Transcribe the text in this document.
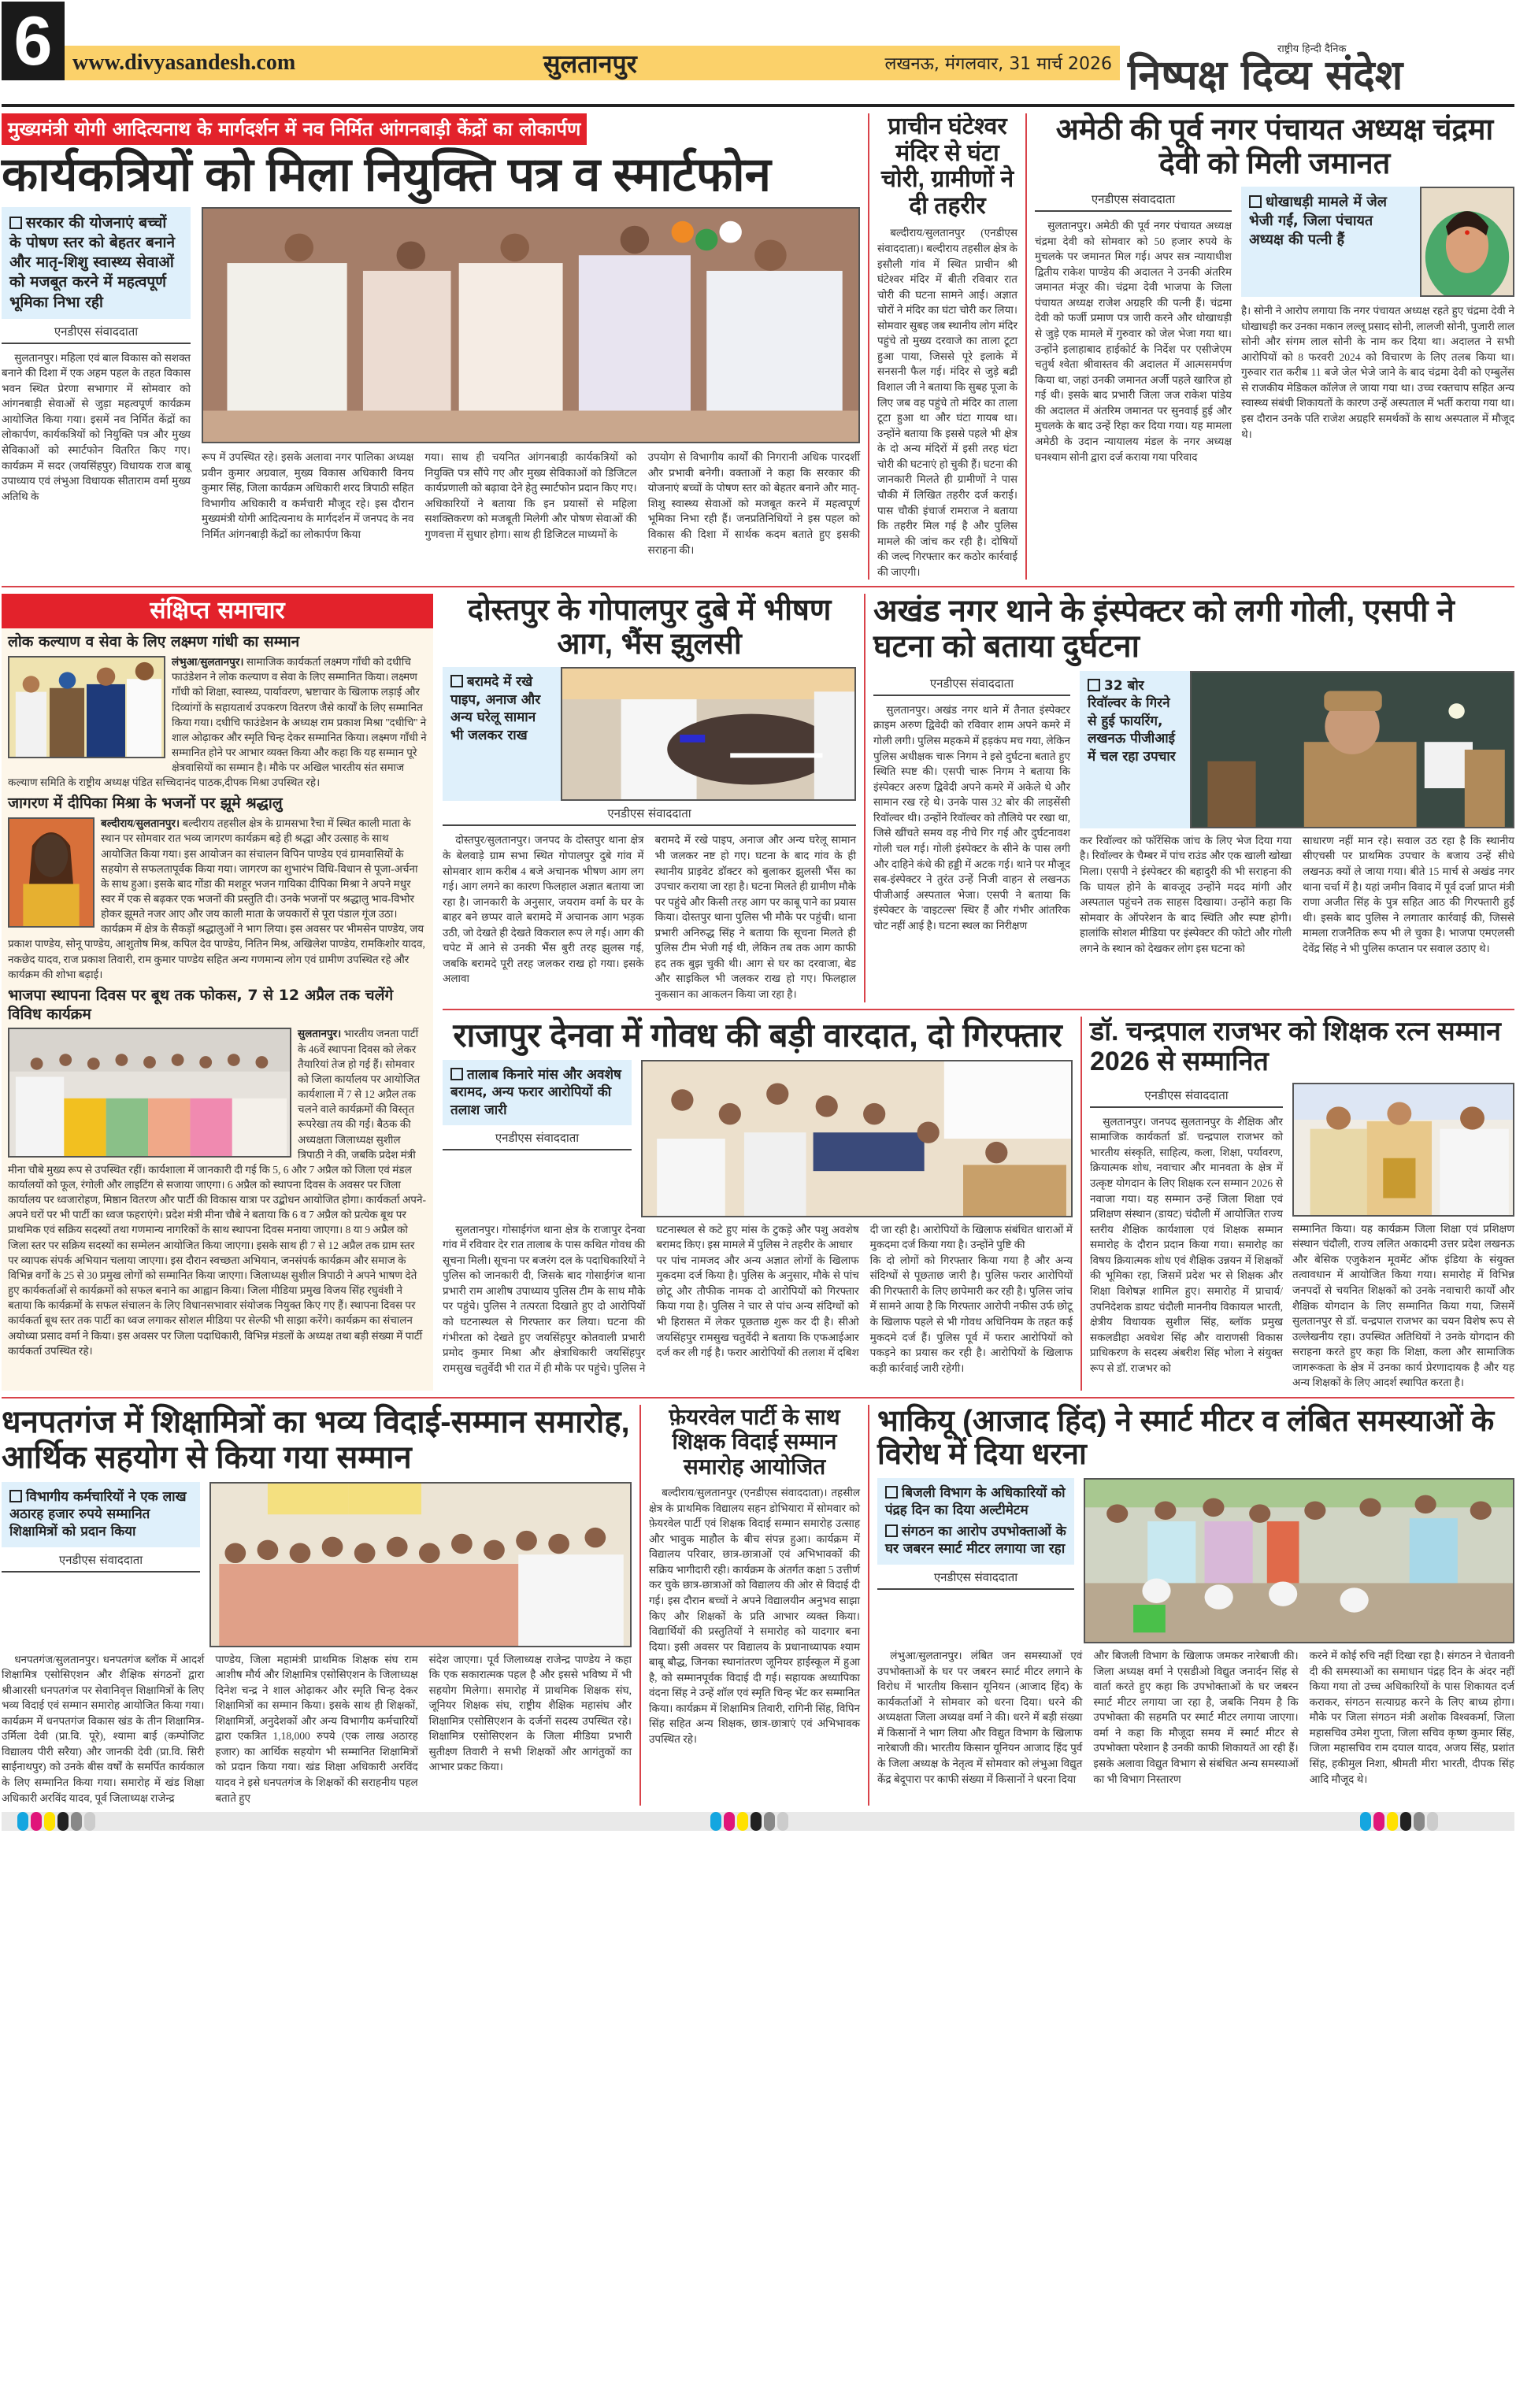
6 www.divyasandesh.com	सुलतानपुर	लखनऊ, मंगलवार, 31 मार्च 2026
राष्ट्रीय हिन्दी दैनिक
निष्पक्ष दिव्य संदेश
मुख्यमंत्री योगी आदित्यनाथ के मार्गदर्शन में नव निर्मित आंगनबाड़ी केंद्रों का लोकार्पण
कार्यकत्रियों को मिला नियुक्ति पत्र व स्मार्टफोन
सरकार की योजनाएं बच्चों के पोषण स्तर को बेहतर बनाने और मातृ-शिशु स्वास्थ्य सेवाओं को मजबूत करने में महत्वपूर्ण भूमिका निभा रही
एनडीएस संवाददाता

सुलतानपुर। महिला एवं बाल विकास को सशक्त बनाने की दिशा में एक अहम पहल के तहत विकास भवन स्थित प्रेरणा सभागार में सोमवार को आंगनबाड़ी सेवाओं से जुड़ा महत्वपूर्ण कार्यक्रम आयोजित किया गया। इसमें नव निर्मित केंद्रों का लोकार्पण, कार्यकत्रियों को नियुक्ति पत्र और मुख्य सेविकाओं को स्मार्टफोन वितरित किए गए। कार्यक्रम में सदर (जयसिंहपुर) विधायक राज बाबू उपाध्याय एवं लंभुआ विधायक सीताराम वर्मा मुख्य अतिथि के

रूप में उपस्थित रहे। इसके अलावा नगर पालिका अध्यक्ष प्रवीन कुमार अग्रवाल, मुख्य विकास अधिकारी विनय कुमार सिंह, जिला कार्यक्रम अधिकारी शरद त्रिपाठी सहित विभागीय अधिकारी व कर्मचारी मौजूद रहे। इस दौरान मुख्यमंत्री योगी आदित्यनाथ के मार्गदर्शन में जनपद के नव निर्मित आंगनबाड़ी केंद्रों का लोकार्पण किया

गया। साथ ही चयनित आंगनबाड़ी कार्यकत्रियों को नियुक्ति पत्र सौंपे गए और मुख्य सेविकाओं को डिजिटल कार्यप्रणाली को बढ़ावा देने हेतु स्मार्टफोन प्रदान किए गए। अधिकारियों ने बताया कि इन प्रयासों से महिला सशक्तिकरण को मजबूती मिलेगी और पोषण सेवाओं की गुणवत्ता में सुधार होगा। साथ ही डिजिटल माध्यमों के

उपयोग से विभागीय कार्यों की निगरानी अधिक पारदर्शी और प्रभावी बनेगी। वक्ताओं ने कहा कि सरकार की योजनाएं बच्चों के पोषण स्तर को बेहतर बनाने और मातृ-शिशु स्वास्थ्य सेवाओं को मजबूत करने में महत्वपूर्ण भूमिका निभा रही हैं। जनप्रतिनिधियों ने इस पहल को विकास की दिशा में सार्थक कदम बताते हुए इसकी सराहना की।

प्राचीन घंटेश्वर मंदिर से घंटा चोरी, ग्रामीणों ने दी तहरीर

बल्दीराय/सुलतानपुर (एनडीएस संवाददाता)। बल्दीराय तहसील क्षेत्र के इसौली गांव में स्थित प्राचीन श्री घंटेश्वर मंदिर में बीती रविवार रात चोरी की घटना सामने आई। अज्ञात चोरों ने मंदिर का घंटा चोरी कर लिया। सोमवार सुबह जब स्थानीय लोग मंदिर पहुंचे तो मुख्य दरवाजे का ताला टूटा हुआ पाया, जिससे पूरे इलाके में सनसनी फैल गई। मंदिर से जुड़े बद्री विशाल जी ने बताया कि सुबह पूजा के लिए जब वह पहुंचे तो मंदिर का ताला टूटा हुआ था और घंटा गायब था। उन्होंने बताया कि इससे पहले भी क्षेत्र के दो अन्य मंदिरों में इसी तरह घंटा चोरी की घटनाएं हो चुकी हैं। घटना की जानकारी मिलते ही ग्रामीणों ने पास चौकी में लिखित तहरीर दर्ज कराई। पास चौकी इंचार्ज रामराज ने बताया कि तहरीर मिल गई है और पुलिस मामले की जांच कर रही है। दोषियों की जल्द गिरफ्तार कर कठोर कार्रवाई की जाएगी।

अमेठी की पूर्व नगर पंचायत अध्यक्ष चंद्रमा देवी को मिली जमानत
एनडीएस संवाददाता

सुलतानपुर। अमेठी की पूर्व नगर पंचायत अध्यक्ष चंद्रमा देवी को सोमवार को 50 हजार रुपये के मुचलके पर जमानत मिल गई। अपर सत्र न्यायाधीश द्वितीय राकेश पाण्डेय की अदालत ने उनकी अंतरिम जमानत मंजूर की। चंद्रमा देवी भाजपा के जिला पंचायत अध्यक्ष राजेश अग्रहरि की पत्नी हैं। चंद्रमा देवी को फर्जी प्रमाण पत्र जारी करने और धोखाधड़ी से जुड़े एक मामले में गुरुवार को जेल भेजा गया था। उन्होंने इलाहाबाद हाईकोर्ट के निर्देश पर एसीजेएम चतुर्थ श्वेता श्रीवास्तव की अदालत में आत्मसमर्पण किया था, जहां उनकी जमानत अर्जी पहले खारिज हो गई थी। इसके बाद प्रभारी जिला जज राकेश पांडेय की अदालत में अंतरिम जमानत पर सुनवाई हुई और मुचलके के बाद उन्हें रिहा कर दिया गया। यह मामला अमेठी के उदान न्यायालय मंडल के नगर अध्यक्ष घनश्याम सोनी द्वारा दर्ज कराया गया परिवाद

धोखाधड़ी मामले में जेल भेजी गईं, जिला पंचायत अध्यक्ष की पत्नी हैं

है। सोनी ने आरोप लगाया कि नगर पंचायत अध्यक्ष रहते हुए चंद्रमा देवी ने धोखाधड़ी कर उनका मकान लल्लू प्रसाद सोनी, लालजी सोनी, पुजारी लाल सोनी और संगम लाल सोनी के नाम कर दिया था। अदालत ने सभी आरोपियों को 8 फरवरी 2024 को विचारण के लिए तलब किया था। गुरुवार रात करीब 11 बजे जेल भेजे जाने के बाद चंद्रमा देवी को एम्बुलेंस से राजकीय मेडिकल कॉलेज ले जाया गया था। उच्च रक्तचाप सहित अन्य स्वास्थ्य संबंधी शिकायतों के कारण उन्हें अस्पताल में भर्ती कराया गया था। इस दौरान उनके पति राजेश अग्रहरि समर्थकों के साथ अस्पताल में मौजूद थे।

संक्षिप्त समाचार
लोक कल्याण व सेवा के लिए लक्ष्मण गांधी का सम्मान
लंभुआ/सुलतानपुर। सामाजिक कार्यकर्ता लक्ष्मण गाँधी को दधीचि फाउंडेशन ने लोक कल्याण व सेवा के लिए सम्मानित किया। लक्ष्मण गाँधी को शिक्षा, स्वास्थ्य, पार्यावरण, भ्रष्टाचार के खिलाफ लड़ाई और दिव्यांगों के सहायतार्थ उपकरण वितरण जैसे कार्यों के लिए सम्मानित किया गया। दधीचि फाउंडेशन के अध्यक्ष राम प्रकाश मिश्रा ''दधीचि'' ने शाल ओढ़ाकर और स्मृति चिन्ह देकर सम्मानित किया। लक्ष्मण गाँधी ने सम्मानित होने पर आभार व्यक्त किया और कहा कि यह सम्मान पूरे क्षेत्रवासियों का सम्मान है। मौके पर अखिल भारतीय संत समाज कल्याण समिति के राष्ट्रीय अध्यक्ष पंडित सच्चिदानंद पाठक,दीपक मिश्रा उपस्थित रहे।
जागरण में दीपिका मिश्रा के भजनों पर झूमे श्रद्धालु
बल्दीराय/सुलतानपुर। बल्दीराय तहसील क्षेत्र के ग्रामसभा रैचा में स्थित काली माता के स्थान पर सोमवार रात भव्य जागरण कार्यक्रम बड़े ही श्रद्धा और उत्साह के साथ आयोजित किया गया। इस आयोजन का संचालन विपिन पाण्डेय एवं ग्रामवासियों के सहयोग से सफलतापूर्वक किया गया। जागरण का शुभारंभ विधि-विधान से पूजा-अर्चना के साथ हुआ। इसके बाद गोंडा की मशहूर भजन गायिका दीपिका मिश्रा ने अपने मधुर स्वर में एक से बढ़कर एक भजनों की प्रस्तुति दी। उनके भजनों पर श्रद्धालु भाव-विभोर होकर झूमते नजर आए और जय काली माता के जयकारों से पूरा पंडाल गूंज उठा। कार्यक्रम में क्षेत्र के सैकड़ों श्रद्धालुओं ने भाग लिया। इस अवसर पर भीमसेन पाण्डेय, जय प्रकाश पाण्डेय, सोनू पाण्डेय, आशुतोष मिश्र, कपिल देव पाण्डेय, नितिन मिश्र, अखिलेश पाण्डेय, रामकिशोर यादव, नकछेद यादव, राज प्रकाश तिवारी, राम कुमार पाण्डेय सहित अन्य गणमान्य लोग एवं ग्रामीण उपस्थित रहे और कार्यक्रम की शोभा बढ़ाई।
भाजपा स्थापना दिवस पर बूथ तक फोकस, 7 से 12 अप्रैल तक चलेंगे विविध कार्यक्रम
सुलतानपुर। भारतीय जनता पार्टी के 46वें स्थापना दिवस को लेकर तैयारियां तेज हो गई हैं। सोमवार को जिला कार्यालय पर आयोजित कार्यशाला में 7 से 12 अप्रैल तक चलने वाले कार्यक्रमों की विस्तृत रूपरेखा तय की गई। बैठक की अध्यक्षता जिलाध्यक्ष सुशील त्रिपाठी ने की, जबकि प्रदेश मंत्री मीना चौबे मुख्य रूप से उपस्थित रहीं। कार्यशाला में जानकारी दी गई कि 5, 6 और 7 अप्रैल को जिला एवं मंडल कार्यालयों को फूल, रंगोली और लाइटिंग से सजाया जाएगा। 6 अप्रैल को स्थापना दिवस के अवसर पर जिला कार्यालय पर ध्वजारोहण, मिष्ठान वितरण और पार्टी की विकास यात्रा पर उद्बोधन आयोजित होगा। कार्यकर्ता अपने-अपने घरों पर भी पार्टी का ध्वज फहराएंगे। प्रदेश मंत्री मीना चौबे ने बताया कि 6 व 7 अप्रैल को प्रत्येक बूथ पर प्राथमिक एवं सक्रिय सदस्यों तथा गणमान्य नागरिकों के साथ स्थापना दिवस मनाया जाएगा। 8 या 9 अप्रैल को जिला स्तर पर सक्रिय सदस्यों का सम्मेलन आयोजित किया जाएगा। इसके साथ ही 7 से 12 अप्रैल तक ग्राम स्तर पर व्यापक संपर्क अभियान चलाया जाएगा। इस दौरान स्वच्छता अभियान, जनसंपर्क कार्यक्रम और समाज के विभिन्न वर्गों के 25 से 30 प्रमुख लोगों को सम्मानित किया जाएगा। जिलाध्यक्ष सुशील त्रिपाठी ने अपने भाषण देते हुए कार्यकर्ताओं से कार्यक्रमों को सफल बनाने का आह्वान किया। जिला मीडिया प्रमुख विजय सिंह रघुवंशी ने बताया कि कार्यक्रमों के सफल संचालन के लिए विधानसभावार संयोजक नियुक्त किए गए हैं। स्थापना दिवस पर कार्यकर्ता बूथ स्तर तक पार्टी का ध्वज लगाकर सोशल मीडिया पर सेल्फी भी साझा करेंगे। कार्यक्रम का संचालन अयोध्या प्रसाद वर्मा ने किया। इस अवसर पर जिला पदाधिकारी, विभिन्न मंडलों के अध्यक्ष तथा बड़ी संख्या में पार्टी कार्यकर्ता उपस्थित रहे।
दोस्तपुर के गोपालपुर दुबे में भीषण आग, भैंस झुलसी
बरामदे में रखे पाइप, अनाज और अन्य घरेलू सामान भी जलकर राख
एनडीएस संवाददाता

दोस्तपुर/सुलतानपुर। जनपद के दोस्तपुर थाना क्षेत्र के बेलवाड़े ग्राम सभा स्थित गोपालपुर दुबे गांव में सोमवार शाम करीब 4 बजे अचानक भीषण आग लग गई। आग लगने का कारण फिलहाल अज्ञात बताया जा रहा है। जानकारी के अनुसार, जयराम वर्मा के घर के बाहर बने छप्पर वाले बरामदे में अचानक आग भड़क उठी, जो देखते ही देखते विकराल रूप ले गई। आग की चपेट में आने से उनकी भैंस बुरी तरह झुलस गई, जबकि बरामदे पूरी तरह जलकर राख हो गया। इसके अलावा

बरामदे में रखे पाइप, अनाज और अन्य घरेलू सामान भी जलकर नष्ट हो गए। घटना के बाद गांव के ही स्थानीय प्राइवेट डॉक्टर को बुलाकर झुलसी भैंस का उपचार कराया जा रहा है। घटना मिलते ही ग्रामीण मौके पर पहुंचे और किसी तरह आग पर काबू पाने का प्रयास किया। दोस्तपुर थाना पुलिस भी मौके पर पहुंची। थाना प्रभारी अनिरुद्ध सिंह ने बताया कि सूचना मिलते ही पुलिस टीम भेजी गई थी, लेकिन तब तक आग काफी हद तक बुझ चुकी थी। आग से घर का दरवाजा, बेड और साइकिल भी जलकर राख हो गए। फिलहाल नुकसान का आकलन किया जा रहा है।

अखंड नगर थाने के इंस्पेक्टर को लगी गोली, एसपी ने घटना को बताया दुर्घटना
एनडीएस संवाददाता

सुलतानपुर। अखंड नगर थाने में तैनात इंस्पेक्टर क्राइम अरुण द्विवेदी को रविवार शाम अपने कमरे में गोली लगी। पुलिस महकमे में हड़कंप मच गया, लेकिन पुलिस अधीक्षक चारू निगम ने इसे दुर्घटना बताते हुए स्थिति स्पष्ट की। एसपी चारू निगम ने बताया कि इंस्पेक्टर अरुण द्विवेदी अपने कमरे में अकेले थे और सामान रख रहे थे। उनके पास 32 बोर की लाइसेंसी रिवॉल्वर थी। उन्होंने रिवॉल्वर को तौलिये पर रखा था, जिसे खींचते समय वह नीचे गिर गई और दुर्घटनावश गोली चल गई। गोली इंस्पेक्टर के सीने के पास लगी और दाहिने कंधे की हड्डी में अटक गई। थाने पर मौजूद सब-इंस्पेक्टर ने तुरंत उन्हें निजी वाहन से लखनऊ पीजीआई अस्पताल भेजा। एसपी ने बताया कि इंस्पेक्टर के 'वाइटल्स' स्थिर हैं और गंभीर आंतरिक चोट नहीं आई है। घटना स्थल का निरीक्षण

32 बोर रिवॉल्वर के गिरने से हुई फायरिंग, लखनऊ पीजीआई में चल रहा उपचार

कर रिवॉल्वर को फॉरेंसिक जांच के लिए भेज दिया गया है। रिवॉल्वर के चैम्बर में पांच राउंड और एक खाली खोखा मिला। एसपी ने इंस्पेक्टर की बहादुरी की भी सराहना की कि घायल होने के बावजूद उन्होंने मदद मांगी और अस्पताल पहुंचने तक साहस दिखाया। उन्होंने कहा कि सोमवार के ऑपरेशन के बाद स्थिति और स्पष्ट होगी।हालांकि सोशल मीडिया पर इंस्पेक्टर की फोटो और गोली लगने के स्थान को देखकर लोग इस घटना को

साधारण नहीं मान रहे। सवाल उठ रहा है कि स्थानीय सीएचसी पर प्राथमिक उपचार के बजाय उन्हें सीधे लखनऊ क्यों ले जाया गया। बीते 15 मार्च से अखंड नगर थाना चर्चा में है। यहां जमीन विवाद में पूर्व दर्जा प्राप्त मंत्री राणा अजीत सिंह के पुत्र सहित आठ की गिरफ्तारी हुई थी। इसके बाद पुलिस ने लगातार कार्रवाई की, जिससे मामला राजनैतिक रूप भी ले चुका है। भाजपा एमएलसी देवेंद्र सिंह ने भी पुलिस कप्तान पर सवाल उठाए थे।

राजापुर देनवा में गोवध की बड़ी वारदात, दो गिरफ्तार
तालाब किनारे मांस और अवशेष बरामद, अन्य फरार आरोपियों की तलाश जारी
एनडीएस संवाददाता

सुलतानपुर। गोसाईगंज थाना क्षेत्र के राजापुर देनवा गांव में रविवार देर रात तालाब के पास कथित गोवध की सूचना मिली। सूचना पर बजरंग दल के पदाधिकारियों ने पुलिस को जानकारी दी, जिसके बाद गोसाईगंज थाना प्रभारी राम आशीष उपाध्याय पुलिस टीम के साथ मौके पर पहुंचे। पुलिस ने तत्परता दिखाते हुए दो आरोपियों को घटनास्थल से गिरफ्तार कर लिया। घटना की गंभीरता को देखते हुए जयसिंहपुर कोतवाली प्रभारी प्रमोद कुमार मिश्रा और क्षेत्राधिकारी जयसिंहपुर रामसुख चतुर्वेदी भी रात में ही मौके पर पहुंचे। पुलिस ने घटनास्थल से कटे हुए मांस के टुकड़े और पशु अवशेष बरामद किए। इस मामले में पुलिस ने तहरीर के आधार

पर पांच नामजद और अन्य अज्ञात लोगों के खिलाफ मुकदमा दर्ज किया है। पुलिस के अनुसार, मौके से पांच छोटू और तौफीक नामक दो आरोपियों को गिरफ्तार किया गया है। पुलिस ने चार से पांच अन्य संदिग्धों को भी हिरासत में लेकर पूछताछ शुरू कर दी है। सीओ जयसिंहपुर रामसुख चतुर्वेदी ने बताया कि एफआईआर दर्ज कर ली गई है। फरार आरोपियों की तलाश में दबिश दी जा रही है। आरोपियों के खिलाफ संबंधित धाराओं में मुकदमा दर्ज किया गया है। उन्होंने पुष्टि की

कि दो लोगों को गिरफ्तार किया गया है और अन्य संदिग्धों से पूछताछ जारी है। पुलिस फरार आरोपियों की गिरफ्तारी के लिए छापेमारी कर रही है। पुलिस जांच में सामने आया है कि गिरफ्तार आरोपी नफीस उर्फ छोटू के खिलाफ पहले से भी गोवध अधिनियम के तहत कई मुकदमे दर्ज हैं। पुलिस पूर्व में फरार आरोपियों को पकड़ने का प्रयास कर रही है। आरोपियों के खिलाफ कड़ी कार्रवाई जारी रहेगी।

डॉ. चन्द्रपाल राजभर को शिक्षक रत्न सम्मान 2026 से सम्मानित
एनडीएस संवाददाता

सुलतानपुर। जनपद सुलतानपुर के शैक्षिक और सामाजिक कार्यकर्ता डॉ. चन्द्रपाल राजभर को भारतीय संस्कृति, साहित्य, कला, शिक्षा, पर्यावरण, क्रियात्मक शोध, नवाचार और मानवता के क्षेत्र में उत्कृष्ट योगदान के लिए शिक्षक रत्न सम्मान 2026 से नवाजा गया। यह सम्मान उन्हें जिला शिक्षा एवं प्रशिक्षण संस्थान (डायट) चंदौली में आयोजित राज्य स्तरीय शैक्षिक कार्यशाला एवं शिक्षक सम्मान समारोह के दौरान प्रदान किया गया। समारोह का विषय क्रियात्मक शोध एवं शैक्षिक उन्नयन में शिक्षकों की भूमिका रहा, जिसमें प्रदेश भर से शिक्षक और शिक्षा विशेषज्ञ शामिल हुए। समारोह में प्राचार्य/उपनिदेशक डायट चंदौली माननीय विकायल भारती, क्षेत्रीय विधायक सुशील सिंह, ब्लॉक प्रमुख सकलडीहा अवधेश सिंह और वाराणसी विकास प्राधिकरण के सदस्य अंबरीश सिंह भोला ने संयुक्त रूप से डॉ. राजभर को

सम्मानित किया। यह कार्यक्रम जिला शिक्षा एवं प्रशिक्षण संस्थान चंदौली, राज्य ललित अकादमी उत्तर प्रदेश लखनऊ और बेसिक एजुकेशन मूवमेंट ऑफ इंडिया के संयुक्त तत्वावधान में आयोजित किया गया। समारोह में विभिन्न जनपदों से चयनित शिक्षकों को उनके नवाचारी कार्यों और शैक्षिक योगदान के लिए सम्मानित किया गया, जिसमें सुलतानपुर से डॉ. चन्द्रपाल राजभर का चयन विशेष रूप से उल्लेखनीय रहा। उपस्थित अतिथियों ने उनके योगदान की सराहना करते हुए कहा कि शिक्षा, कला और सामाजिक जागरूकता के क्षेत्र में उनका कार्य प्रेरणादायक है और यह अन्य शिक्षकों के लिए आदर्श स्थापित करता है।

धनपतगंज में शिक्षामित्रों का भव्य विदाई-सम्मान समारोह, आर्थिक सहयोग से किया गया सम्मान
विभागीय कर्मचारियों ने एक लाख अठारह हजार रुपये सम्मानित शिक्षामित्रों को प्रदान किया
एनडीएस संवाददाता

धनपतगंज/सुलतानपुर। धनपतगंज ब्लॉक में आदर्श शिक्षामित्र एसोसिएशन और शैक्षिक संगठनों द्वारा श्रीआरसी धनपतगंज पर सेवानिवृत्त शिक्षामित्रों के लिए भव्य विदाई एवं सम्मान समारोह आयोजित किया गया। कार्यक्रम में धनपतगंज विकास खंड के तीन शिक्षामित्र-उर्मिला देवी (प्रा.वि. पूरे), श्यामा बाई (कम्पोजिट विद्यालय पीरी सरैया) और जानकी देवी (प्रा.वि. सिरी साईनाथपुर) को उनके बीस वर्षों के समर्पित कार्यकाल के लिए सम्मानित किया गया। समारोह में खंड शिक्षा अधिकारी अरविंद यादव, पूर्व जिलाध्यक्ष राजेन्द्र

पाण्डेय, जिला महामंत्री प्राथमिक शिक्षक संघ राम आशीष मौर्य और शिक्षामित्र एसोसिएशन के जिलाध्यक्ष दिनेश चन्द्र ने शाल ओढ़ाकर और स्मृति चिन्ह देकर शिक्षामित्रों का सम्मान किया। इसके साथ ही शिक्षकों, शिक्षामित्रों, अनुदेशकों और अन्य विभागीय कर्मचारियों द्वारा एकत्रित 1,18,000 रुपये (एक लाख अठारह हजार) का आर्थिक सहयोग भी सम्मानित शिक्षामित्रों को प्रदान किया गया। खंड शिक्षा अधिकारी अरविंद यादव ने इसे धनपतगंज के शिक्षकों की सराहनीय पहल बताते हुए

संदेश जाएगा। पूर्व जिलाध्यक्ष राजेन्द्र पाण्डेय ने कहा कि एक सकारात्मक पहल है और इससे भविष्य में भी सहयोग मिलेगा। समारोह में प्राथमिक शिक्षक संघ, जूनियर शिक्षक संघ, राष्ट्रीय शैक्षिक महासंघ और शिक्षामित्र एसोसिएशन के दर्जनों सदस्य उपस्थित रहे। शिक्षामित्र एसोसिएशन के जिला मीडिया प्रभारी सुतीक्ष्ण तिवारी ने सभी शिक्षकों और आगंतुकों का आभार प्रकट किया।

फ़ेयरवेल पार्टी के साथ शिक्षक विदाई सम्मान समारोह आयोजित

बल्दीराय/सुलतानपुर (एनडीएस संवाददाता)। तहसील क्षेत्र के प्राथमिक विद्यालय सहन डोभियारा में सोमवार को फ़ेयरवेल पार्टी एवं शिक्षक विदाई सम्मान समारोह उत्साह और भावुक माहौल के बीच संपन्न हुआ। कार्यक्रम में विद्यालय परिवार, छात्र-छात्राओं एवं अभिभावकों की सक्रिय भागीदारी रही। कार्यक्रम के अंतर्गत कक्षा 5 उत्तीर्ण कर चुके छात्र-छात्राओं को विद्यालय की ओर से विदाई दी गई। इस दौरान बच्चों ने अपने विद्यालयीन अनुभव साझा किए और शिक्षकों के प्रति आभार व्यक्त किया। विद्यार्थियों की प्रस्तुतियों ने समारोह को यादगार बना दिया। इसी अवसर पर विद्यालय के प्रधानाध्यापक श्याम बाबू बौद्ध, जिनका स्थानांतरण जूनियर हाईस्कूल में हुआ है, को सम्मानपूर्वक विदाई दी गई। सहायक अध्यापिका वंदना सिंह ने उन्हें शॉल एवं स्मृति चिन्ह भेंट कर सम्मानित किया। कार्यक्रम में शिक्षामित्र तिवारी, रागिनी सिंह, विपिन सिंह सहित अन्य शिक्षक, छात्र-छात्राएं एवं अभिभावक उपस्थित रहे।

भाकियू (आजाद हिंद) ने स्मार्ट मीटर व लंबित समस्याओं के विरोध में दिया धरना
बिजली विभाग के अधिकारियों को पंद्रह दिन का दिया अल्टीमेटम
संगठन का आरोप उपभोक्ताओं के घर जबरन स्मार्ट मीटर लगाया जा रहा
एनडीएस संवाददाता

लंभुआ/सुलतानपुर। लंबित जन समस्याओं एवं उपभोक्ताओं के घर पर जबरन स्मार्ट मीटर लगाने के विरोध में भारतीय किसान यूनियन (आजाद हिंद) के कार्यकर्ताओं ने सोमवार को धरना दिया। धरने की अध्यक्षता जिला अध्यक्ष वर्मा ने की। धरने में बड़ी संख्या में किसानों ने भाग लिया और विद्युत विभाग के खिलाफ नारेबाजी की। भारतीय किसान यूनियन आजाद हिंद पुर्व के जिला अध्यक्ष के नेतृत्व में सोमवार को लंभुआ विद्युत केंद्र बेदूपारा पर काफी संख्या में किसानों ने धरना दिया

और बिजली विभाग के खिलाफ जमकर नारेबाजी की। जिला अध्यक्ष वर्मा ने एसडीओ विद्युत जनार्दन सिंह से वार्ता करते हुए कहा कि उपभोक्ताओं के घर जबरन स्मार्ट मीटर लगाया जा रहा है, जबकि नियम है कि उपभोक्ता की सहमति पर स्मार्ट मीटर लगाया जाएगा। वर्मा ने कहा कि मौजूदा समय में स्मार्ट मीटर से उपभोक्ता परेशान है उनकी काफी शिकायतें आ रही हैं। इसके अलावा विद्युत विभाग से संबंधित अन्य समस्याओं का भी विभाग निस्तारण

करने में कोई रुचि नहीं दिखा रहा है। संगठन ने चेतावनी दी की समस्याओं का समाधान पंद्रह दिन के अंदर नहीं किया गया तो उच्च अधिकारियों के पास शिकायत दर्ज कराकर, संगठन सत्याग्रह करने के लिए बाध्य होगा। मौके पर जिला संगठन मंत्री अशोक विश्वकर्मा, जिला महासचिव उमेश गुप्ता, जिला सचिव कृष्ण कुमार सिंह, जिला महासचिव राम दयाल यादव, अजय सिंह, प्रशांत सिंह, हकीमुल निशा, श्रीमती मीरा भारती, दीपक सिंह आदि मौजूद थे।
